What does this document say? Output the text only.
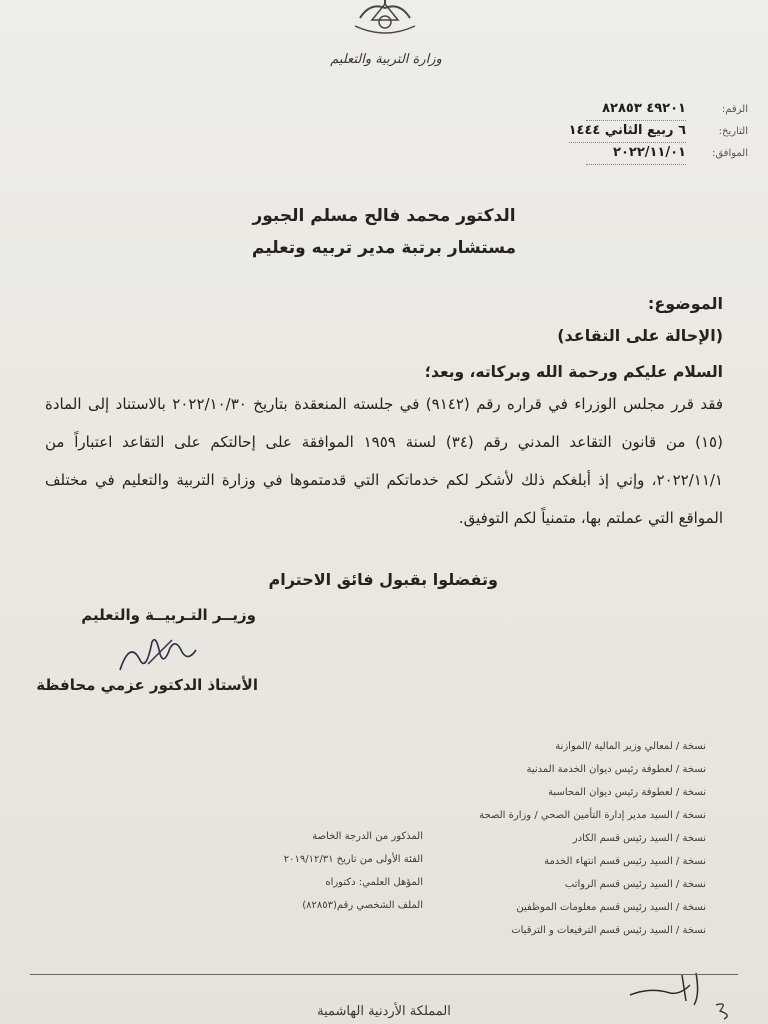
وزارة التربية والتعليم
الرقم:
٤٩٢٠١ ٨٢٨٥٣
التاريخ:
٦ ربيع الثاني ١٤٤٤
الموافق:
٢٠٢٢/١١/٠١
الدكتور محمد فالح مسلم الجبور
مستشار برتبة مدير تربيه وتعليم
الموضوع:
(الإحالة على التقاعد)
السلام عليكم ورحمة الله وبركاته، وبعد؛
فقد قرر مجلس الوزراء في قراره رقم (٩١٤٢) في جلسته المنعقدة بتاريخ ٢٠٢٢/١٠/٣٠ بالاستناد إلى المادة (١٥) من قانون التقاعد المدني رقم (٣٤) لسنة ١٩٥٩ الموافقة على إحالتكم على التقاعد اعتباراً من ٢٠٢٢/١١/١، وإني إذ أبلغكم ذلك لأشكر لكم خدماتكم التي قدمتموها في وزارة التربية والتعليم في مختلف المواقع التي عملتم بها، متمنياً لكم التوفيق.
وتفضلوا بقبول فائق الاحترام
وزيــر التـربيــة والتعليم
الأستاذ الدكتور عزمي محافظة
نسخة / لمعالي وزير المالية /الموازنة
نسخة / لعطوفة رئيس ديوان الخدمة المدنية
نسخة / لعطوفة رئيس ديوان المحاسبة
نسخة / السيد مدير إدارة التأمين الصحي / وزارة الصحة
نسخة / السيد رئيس قسم الكادر
نسخة / السيد رئيس قسم انتهاء الخدمة
نسخة / السيد رئيس قسم الرواتب
نسخة / السيد رئيس قسم معلومات الموظفين
نسخة / السيد رئيس قسم الترفيعات و الترقيات
المذكور من الدرجة الخاصة
الفئة الأولى من تاريخ ٢٠١٩/١٢/٣١
المؤهل العلمي: دكتوراه
الملف الشخصي رقم(٨٢٨٥٣)
المملكة الأردنية الهاشمية
